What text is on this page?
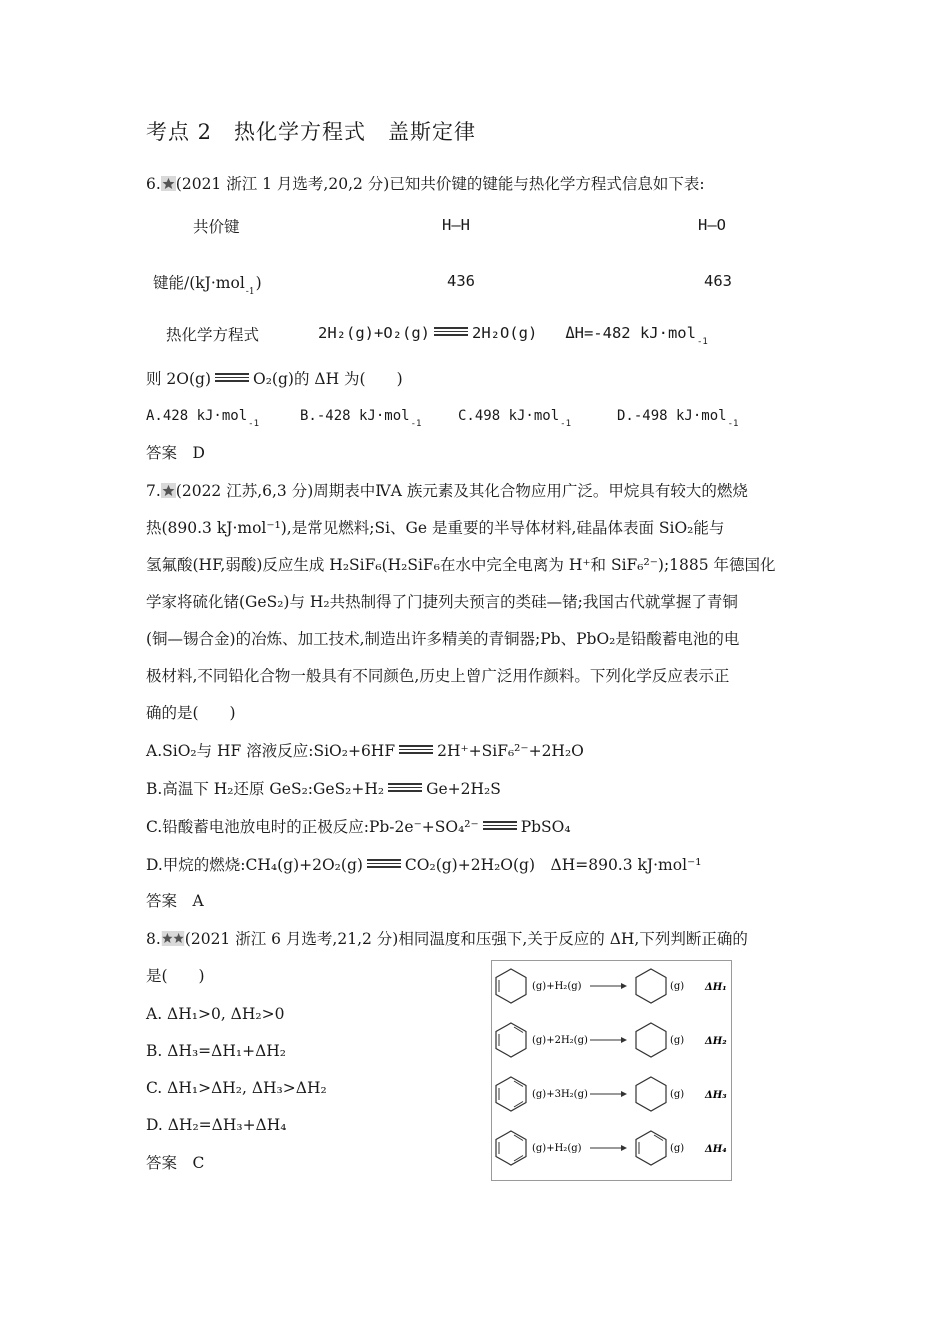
考点 2　热化学方程式　盖斯定律
6. (2021 浙江 1 月选考,20,2 分)已知共价键的键能与热化学方程式信息如下表:
共价键	H—H	H—O
键能/(kJ·mol$_{-1}$)	436	463
热化学方程式	2H₂(g)+O₂(g)	2H₂O(g) ΔH=-482 kJ·mol$_{-1}$
则 2O(g)	O₂(g)的 ΔH 为(　　)
A.428 kJ·mol$_{-1}$	B.-428 kJ·mol$_{-1}$	C.498 kJ·mol$_{-1}$	D.-498 kJ·mol$_{-1}$
答案　D
7. (2022 江苏,6,3 分)周期表中ⅣA 族元素及其化合物应用广泛。甲烷具有较大的燃烧
热(890.3 kJ·mol⁻¹),是常见燃料;Si、Ge 是重要的半导体材料,硅晶体表面 SiO₂能与
氢氟酸(HF,弱酸)反应生成 H₂SiF₆(H₂SiF₆在水中完全电离为 H⁺和 SiF₆²⁻);1885 年德国化
学家将硫化锗(GeS₂)与 H₂共热制得了门捷列夫预言的类硅—锗;我国古代就掌握了青铜
(铜—锡合金)的冶炼、加工技术,制造出许多精美的青铜器;Pb、PbO₂是铅酸蓄电池的电
极材料,不同铅化合物一般具有不同颜色,历史上曾广泛用作颜料。下列化学反应表示正
确的是(　　)
A.SiO₂与 HF 溶液反应:SiO₂+6HF	2H⁺+SiF₆²⁻+2H₂O
B.高温下 H₂还原 GeS₂:GeS₂+H₂	Ge+2H₂S
C.铅酸蓄电池放电时的正极反应:Pb-2e⁻+SO₄²⁻	PbSO₄
D.甲烷的燃烧:CH₄(g)+2O₂(g)	CO₂(g)+2H₂O(g)　ΔH=890.3 kJ·mol⁻¹
答案　A
8. (2021 浙江 6 月选考,21,2 分)相同温度和压强下,关于反应的 ΔH,下列判断正确的
是(　　)
A. ΔH₁>0, ΔH₂>0
B. ΔH₃=ΔH₁+ΔH₂
C. ΔH₁>ΔH₂, ΔH₃>ΔH₂
D. ΔH₂=ΔH₃+ΔH₄
答案　C
(g)+H₂(g)	(g) ΔH₁
(g)+2H₂(g)	(g) ΔH₂
(g)+3H₂(g)	(g) ΔH₃
(g)+H₂(g)	(g) ΔH₄
